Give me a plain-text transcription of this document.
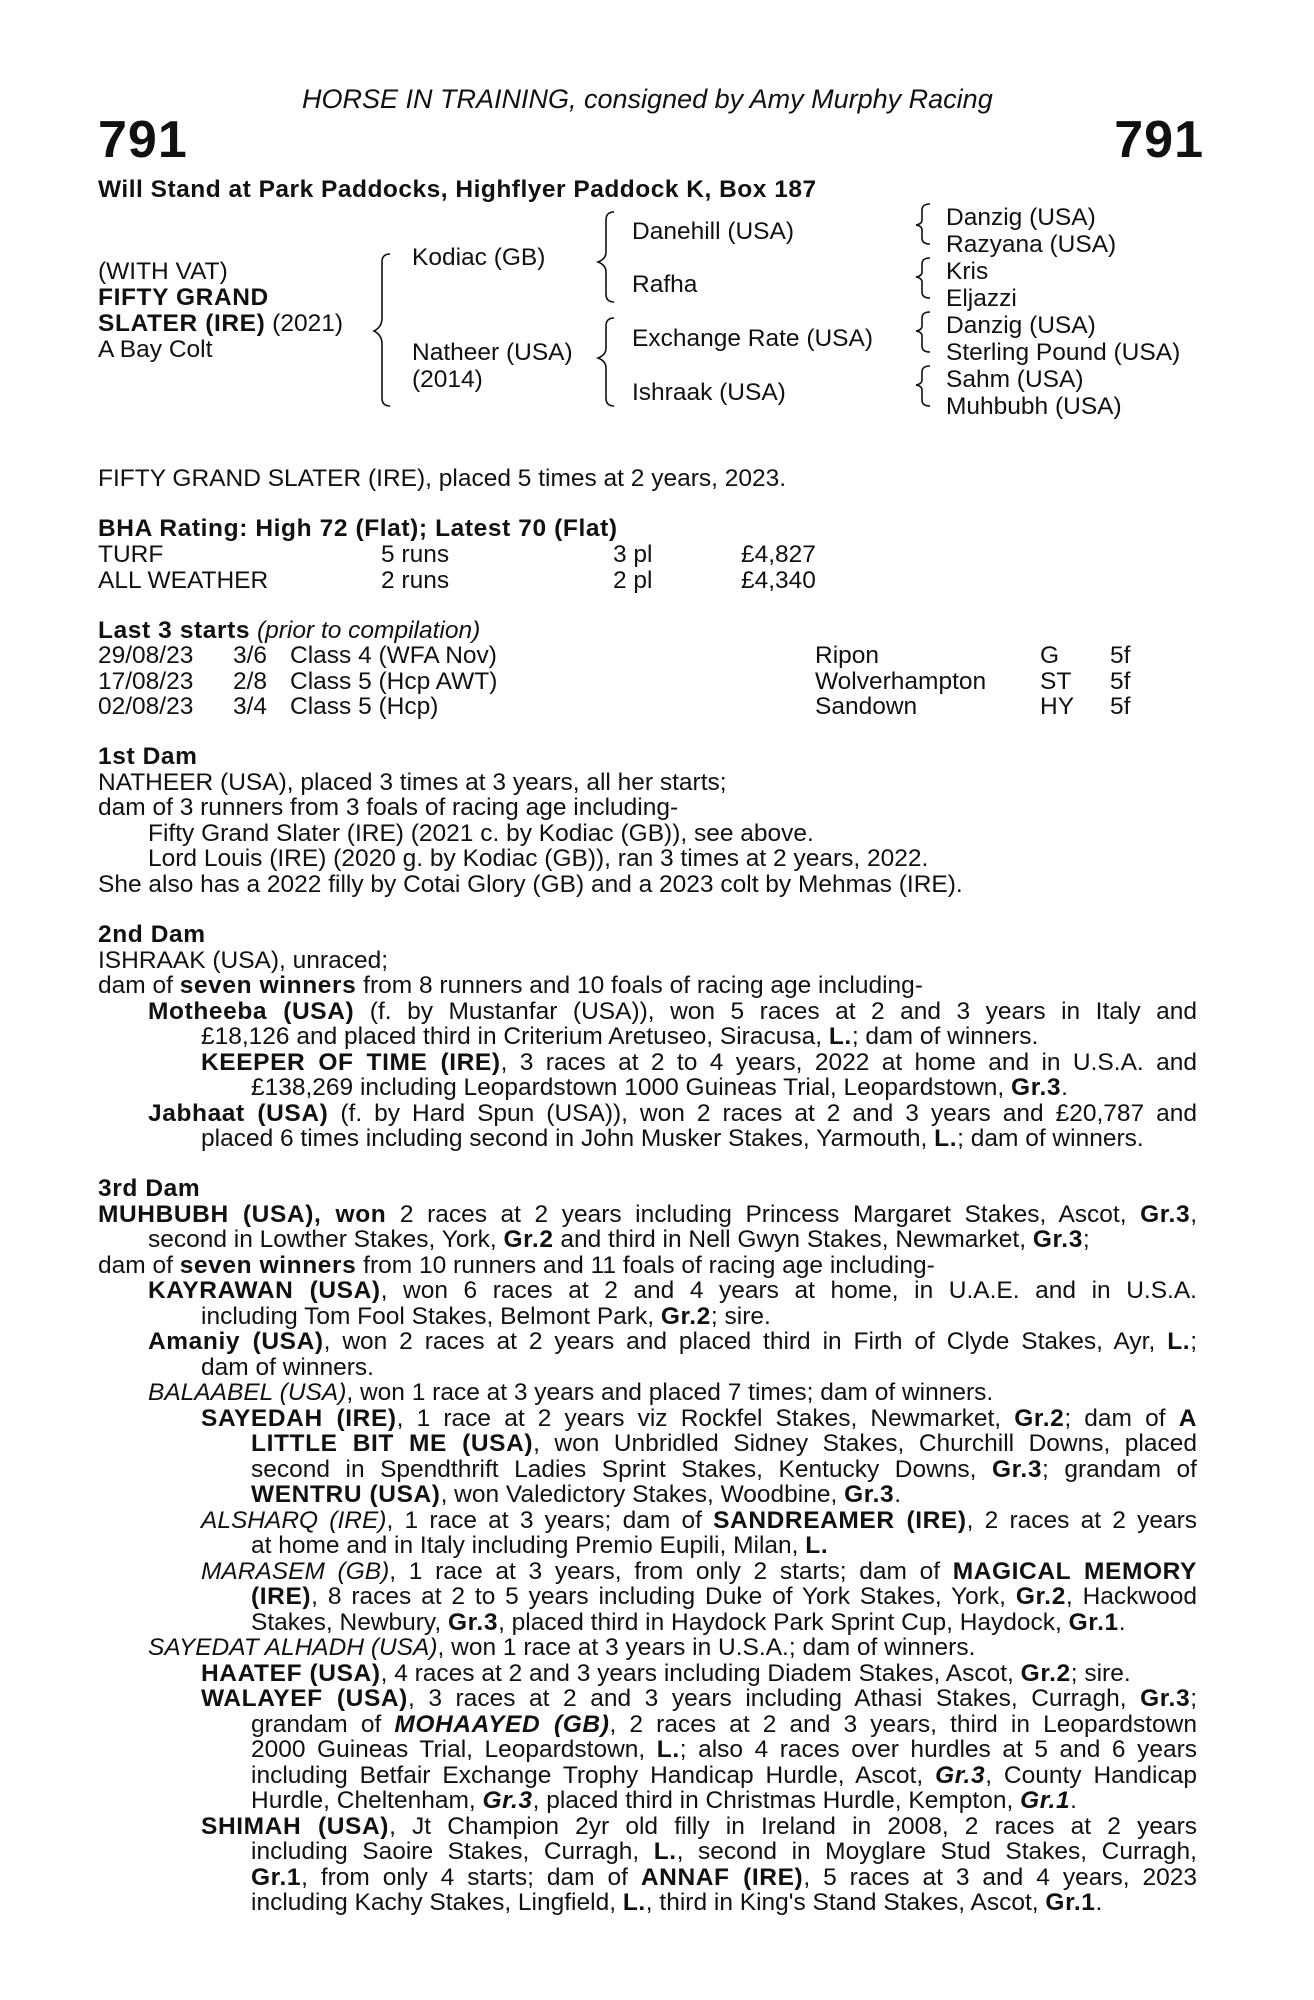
HORSE IN TRAINING, consigned by Amy Murphy Racing
791	791
Will Stand at Park Paddocks, Highflyer Paddock K, Box 187
(WITH VAT)
FIFTY GRAND
SLATER (IRE) (2021)
A Bay Colt
Kodiac (GB)
Natheer (USA)
(2014)
Danehill (USA)
Rafha
Exchange Rate (USA)
Ishraak (USA)
Danzig (USA)
Razyana (USA)
Kris
Eljazzi
Danzig (USA)
Sterling Pound (USA)
Sahm (USA)
Muhbubh (USA)
FIFTY GRAND SLATER (IRE), placed 5 times at 2 years, 2023.
BHA Rating: High 72 (Flat); Latest 70 (Flat)
TURF	5 runs	3 pl	£4,827
ALL WEATHER	2 runs	2 pl	£4,340
Last 3 starts (prior to compilation)
29/08/23 3/6 Class 4 (WFA Nov)	Ripon	G 5f
17/08/23 2/8 Class 5 (Hcp AWT)	Wolverhampton ST 5f
02/08/23 3/4 Class 5 (Hcp)	Sandown	HY 5f
1st Dam
NATHEER (USA), placed 3 times at 3 years, all her starts;
dam of 3 runners from 3 foals of racing age including-
Fifty Grand Slater (IRE) (2021 c. by Kodiac (GB)), see above.
Lord Louis (IRE) (2020 g. by Kodiac (GB)), ran 3 times at 2 years, 2022.
She also has a 2022 filly by Cotai Glory (GB) and a 2023 colt by Mehmas (IRE).
2nd Dam
ISHRAAK (USA), unraced;
dam of seven winners from 8 runners and 10 foals of racing age including-
Motheeba (USA) (f. by Mustanfar (USA)), won 5 races at 2 and 3 years in Italy and
£18,126 and placed third in Criterium Aretuseo, Siracusa, L.; dam of winners.
KEEPER OF TIME (IRE), 3 races at 2 to 4 years, 2022 at home and in U.S.A. and
£138,269 including Leopardstown 1000 Guineas Trial, Leopardstown, Gr.3.
Jabhaat (USA) (f. by Hard Spun (USA)), won 2 races at 2 and 3 years and £20,787 and
placed 6 times including second in John Musker Stakes, Yarmouth, L.; dam of winners.
3rd Dam
MUHBUBH (USA), won 2 races at 2 years including Princess Margaret Stakes, Ascot, Gr.3,
second in Lowther Stakes, York, Gr.2 and third in Nell Gwyn Stakes, Newmarket, Gr.3;
dam of seven winners from 10 runners and 11 foals of racing age including-
KAYRAWAN (USA), won 6 races at 2 and 4 years at home, in U.A.E. and in U.S.A.
including Tom Fool Stakes, Belmont Park, Gr.2; sire.
Amaniy (USA), won 2 races at 2 years and placed third in Firth of Clyde Stakes, Ayr, L.;
dam of winners.
BALAABEL (USA), won 1 race at 3 years and placed 7 times; dam of winners.
SAYEDAH (IRE), 1 race at 2 years viz Rockfel Stakes, Newmarket, Gr.2; dam of A
LITTLE BIT ME (USA), won Unbridled Sidney Stakes, Churchill Downs, placed
second in Spendthrift Ladies Sprint Stakes, Kentucky Downs, Gr.3; grandam of
WENTRU (USA), won Valedictory Stakes, Woodbine, Gr.3.
ALSHARQ (IRE), 1 race at 3 years; dam of SANDREAMER (IRE), 2 races at 2 years
at home and in Italy including Premio Eupili, Milan, L.
MARASEM (GB), 1 race at 3 years, from only 2 starts; dam of MAGICAL MEMORY
(IRE), 8 races at 2 to 5 years including Duke of York Stakes, York, Gr.2, Hackwood
Stakes, Newbury, Gr.3, placed third in Haydock Park Sprint Cup, Haydock, Gr.1.
SAYEDAT ALHADH (USA), won 1 race at 3 years in U.S.A.; dam of winners.
HAATEF (USA), 4 races at 2 and 3 years including Diadem Stakes, Ascot, Gr.2; sire.
WALAYEF (USA), 3 races at 2 and 3 years including Athasi Stakes, Curragh, Gr.3;
grandam of MOHAAYED (GB), 2 races at 2 and 3 years, third in Leopardstown
2000 Guineas Trial, Leopardstown, L.; also 4 races over hurdles at 5 and 6 years
including Betfair Exchange Trophy Handicap Hurdle, Ascot, Gr.3, County Handicap
Hurdle, Cheltenham, Gr.3, placed third in Christmas Hurdle, Kempton, Gr.1.
SHIMAH (USA), Jt Champion 2yr old filly in Ireland in 2008, 2 races at 2 years
including Saoire Stakes, Curragh, L., second in Moyglare Stud Stakes, Curragh,
Gr.1, from only 4 starts; dam of ANNAF (IRE), 5 races at 3 and 4 years, 2023
including Kachy Stakes, Lingfield, L., third in King's Stand Stakes, Ascot, Gr.1.
